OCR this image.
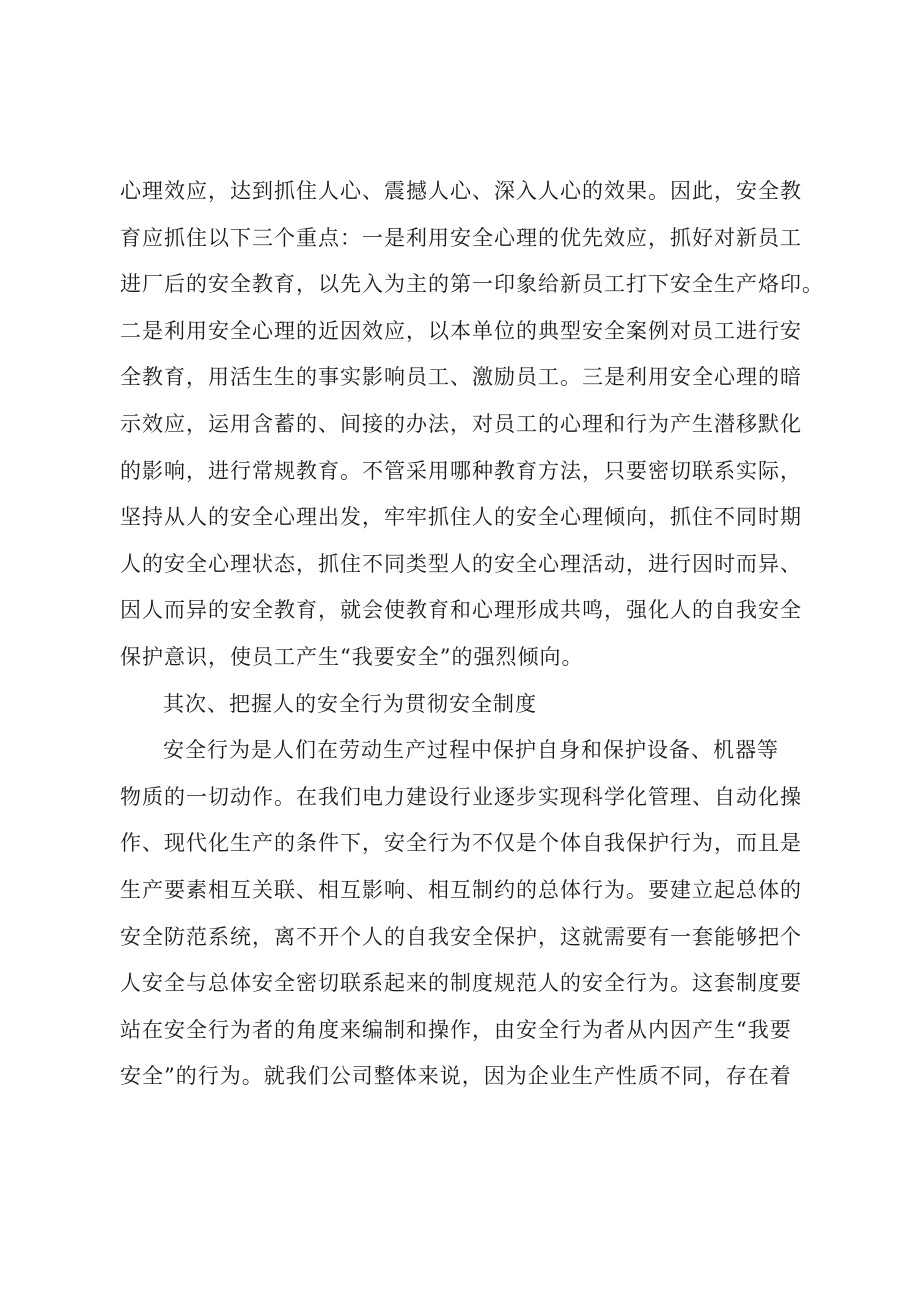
心理效应，达到抓住人心、震撼人心、深入人心的效果。因此，安全教
育应抓住以下三个重点：一是利用安全心理的优先效应，抓好对新员工
进厂后的安全教育，以先入为主的第一印象给新员工打下安全生产烙印。
二是利用安全心理的近因效应，以本单位的典型安全案例对员工进行安
全教育，用活生生的事实影响员工、激励员工。三是利用安全心理的暗
示效应，运用含蓄的、间接的办法，对员工的心理和行为产生潜移默化
的影响，进行常规教育。不管采用哪种教育方法，只要密切联系实际，
坚持从人的安全心理出发，牢牢抓住人的安全心理倾向，抓住不同时期
人的安全心理状态，抓住不同类型人的安全心理活动，进行因时而异、
因人而异的安全教育，就会使教育和心理形成共鸣，强化人的自我安全
保护意识，使员工产生“我要安全”的强烈倾向。
其次、把握人的安全行为贯彻安全制度
安全行为是人们在劳动生产过程中保护自身和保护设备、机器等
物质的一切动作。在我们电力建设行业逐步实现科学化管理、自动化操
作、现代化生产的条件下，安全行为不仅是个体自我保护行为，而且是
生产要素相互关联、相互影响、相互制约的总体行为。要建立起总体的
安全防范系统，离不开个人的自我安全保护，这就需要有一套能够把个
人安全与总体安全密切联系起来的制度规范人的安全行为。这套制度要
站在安全行为者的角度来编制和操作，由安全行为者从内因产生“我要
安全”的行为。就我们公司整体来说，因为企业生产性质不同，存在着
